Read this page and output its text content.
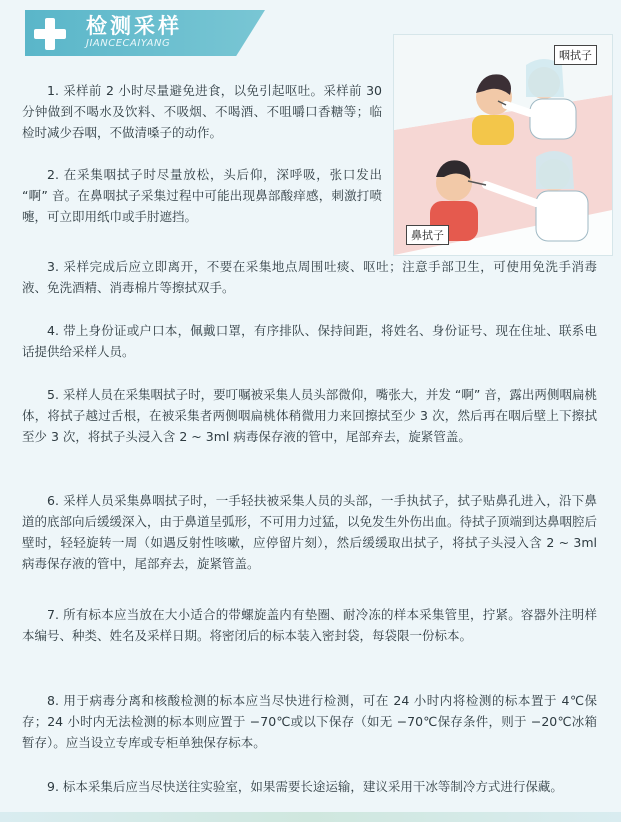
检测采样
JIANCECAIYANG
咽拭子
鼻拭子

1. 采样前 2 小时尽量避免进食，以免引起呕吐。采样前 30 分钟做到不喝水及饮料、不吸烟、不喝酒、不咀嚼口香糖等；临检时减少吞咽，不做清嗓子的动作。

2. 在采集咽拭子时尽量放松，头后仰，深呼吸，张口发出 “啊” 音。在鼻咽拭子采集过程中可能出现鼻部酸痒感，刺激打喷嚏，可立即用纸巾或手肘遮挡。

3. 采样完成后应立即离开，不要在采集地点周围吐痰、呕吐；注意手部卫生，可使用免洗手消毒液、免洗酒精、消毒棉片等擦拭双手。

4. 带上身份证或户口本，佩戴口罩，有序排队、保持间距，将姓名、身份证号、现在住址、联系电话提供给采样人员。

5. 采样人员在采集咽拭子时，要叮嘱被采集人员头部微仰，嘴张大，并发 “啊” 音，露出两侧咽扁桃体，将拭子越过舌根，在被采集者两侧咽扁桃体稍微用力来回擦拭至少 3 次，然后再在咽后壁上下擦拭至少 3 次，将拭子头浸入含 2 ~ 3ml 病毒保存液的管中，尾部弃去，旋紧管盖。

6. 采样人员采集鼻咽拭子时，一手轻扶被采集人员的头部，一手执拭子，拭子贴鼻孔进入，沿下鼻道的底部向后缓缓深入，由于鼻道呈弧形，不可用力过猛，以免发生外伤出血。待拭子顶端到达鼻咽腔后壁时，轻轻旋转一周（如遇反射性咳嗽，应停留片刻），然后缓缓取出拭子，将拭子头浸入含 2 ~ 3ml 病毒保存液的管中，尾部弃去，旋紧管盖。

7. 所有标本应当放在大小适合的带螺旋盖内有垫圈、耐冷冻的样本采集管里，拧紧。容器外注明样本编号、种类、姓名及采样日期。将密闭后的标本装入密封袋，每袋限一份标本。

8. 用于病毒分离和核酸检测的标本应当尽快进行检测，可在 24 小时内将检测的标本置于 4℃保存；24 小时内无法检测的标本则应置于 −70℃或以下保存（如无 −70℃保存条件，则于 −20℃冰箱暂存）。应当设立专库或专柜单独保存标本。

9. 标本采集后应当尽快送往实验室，如果需要长途运输，建议采用干冰等制冷方式进行保藏。
